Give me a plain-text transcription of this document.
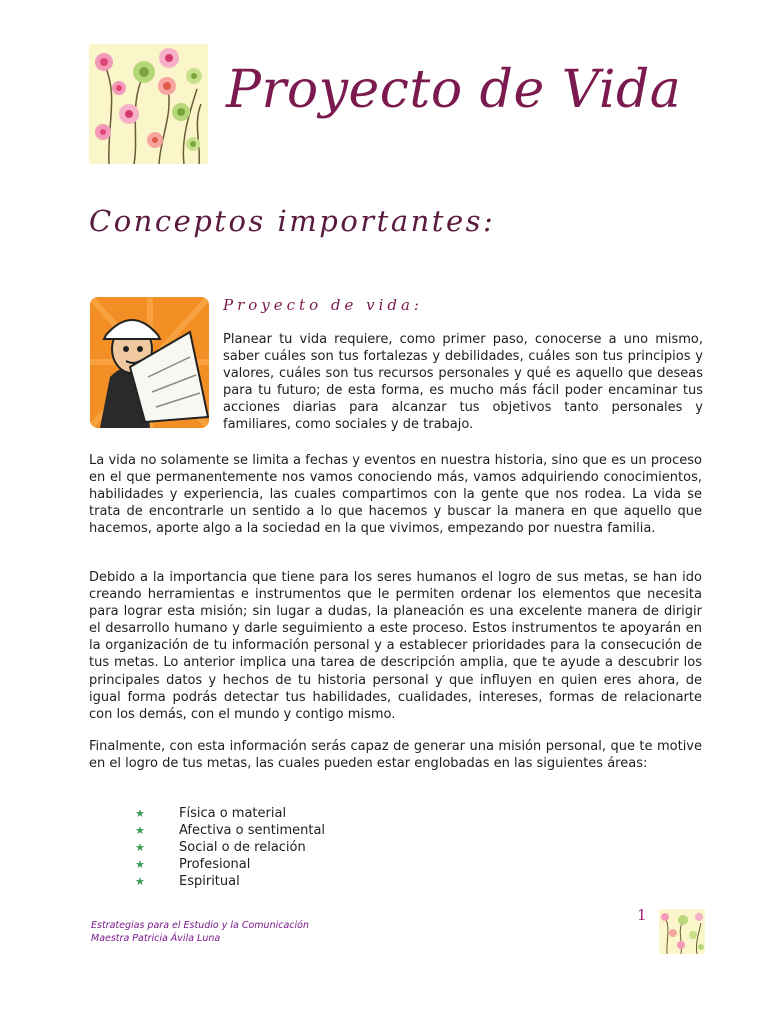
Proyecto de Vida
Conceptos importantes:
Proyecto de vida:

Planear tu vida requiere, como primer paso, conocerse a uno mismo, saber cuáles son tus fortalezas y debilidades, cuáles son tus principios y valores, cuáles son tus recursos personales y qué es aquello que deseas para tu futuro; de esta forma, es mucho más fácil poder encaminar tus acciones diarias para alcanzar tus objetivos tanto personales y familiares, como sociales y de trabajo.

La vida no solamente se limita a fechas y eventos en nuestra historia, sino que es un proceso en el que permanentemente nos vamos conociendo más, vamos adquiriendo conocimientos, habilidades y experiencia, las cuales compartimos con la gente que nos rodea. La vida se trata de encontrarle un sentido a lo que hacemos y buscar la manera en que aquello que hacemos, aporte algo a la sociedad en la que vivimos, empezando por nuestra familia.

Debido a la importancia que tiene para los seres humanos el logro de sus metas, se han ido creando herramientas e instrumentos que le permiten ordenar los elementos que necesita para lograr esta misión; sin lugar a dudas, la planeación es una excelente manera de dirigir el desarrollo humano y darle seguimiento a este proceso. Estos instrumentos te apoyarán en la organización de tu información personal y a establecer prioridades para la consecución de tus metas. Lo anterior implica una tarea de descripción amplia, que te ayude a descubrir los principales datos y hechos de tu historia personal y que influyen en quien eres ahora, de igual forma podrás detectar tus habilidades, cualidades, intereses, formas de relacionarte con los demás, con el mundo y contigo mismo.

Finalmente, con esta información serás capaz de generar una misión personal, que te motive en el logro de tus metas, las cuales pueden estar englobadas en las siguientes áreas:

★	Física o material
★	Afectiva o sentimental
★	Social o de relación
★	Profesional
★	Espiritual
Estrategias para el Estudio y la Comunicación
Maestra Patricia Ávila Luna
1
